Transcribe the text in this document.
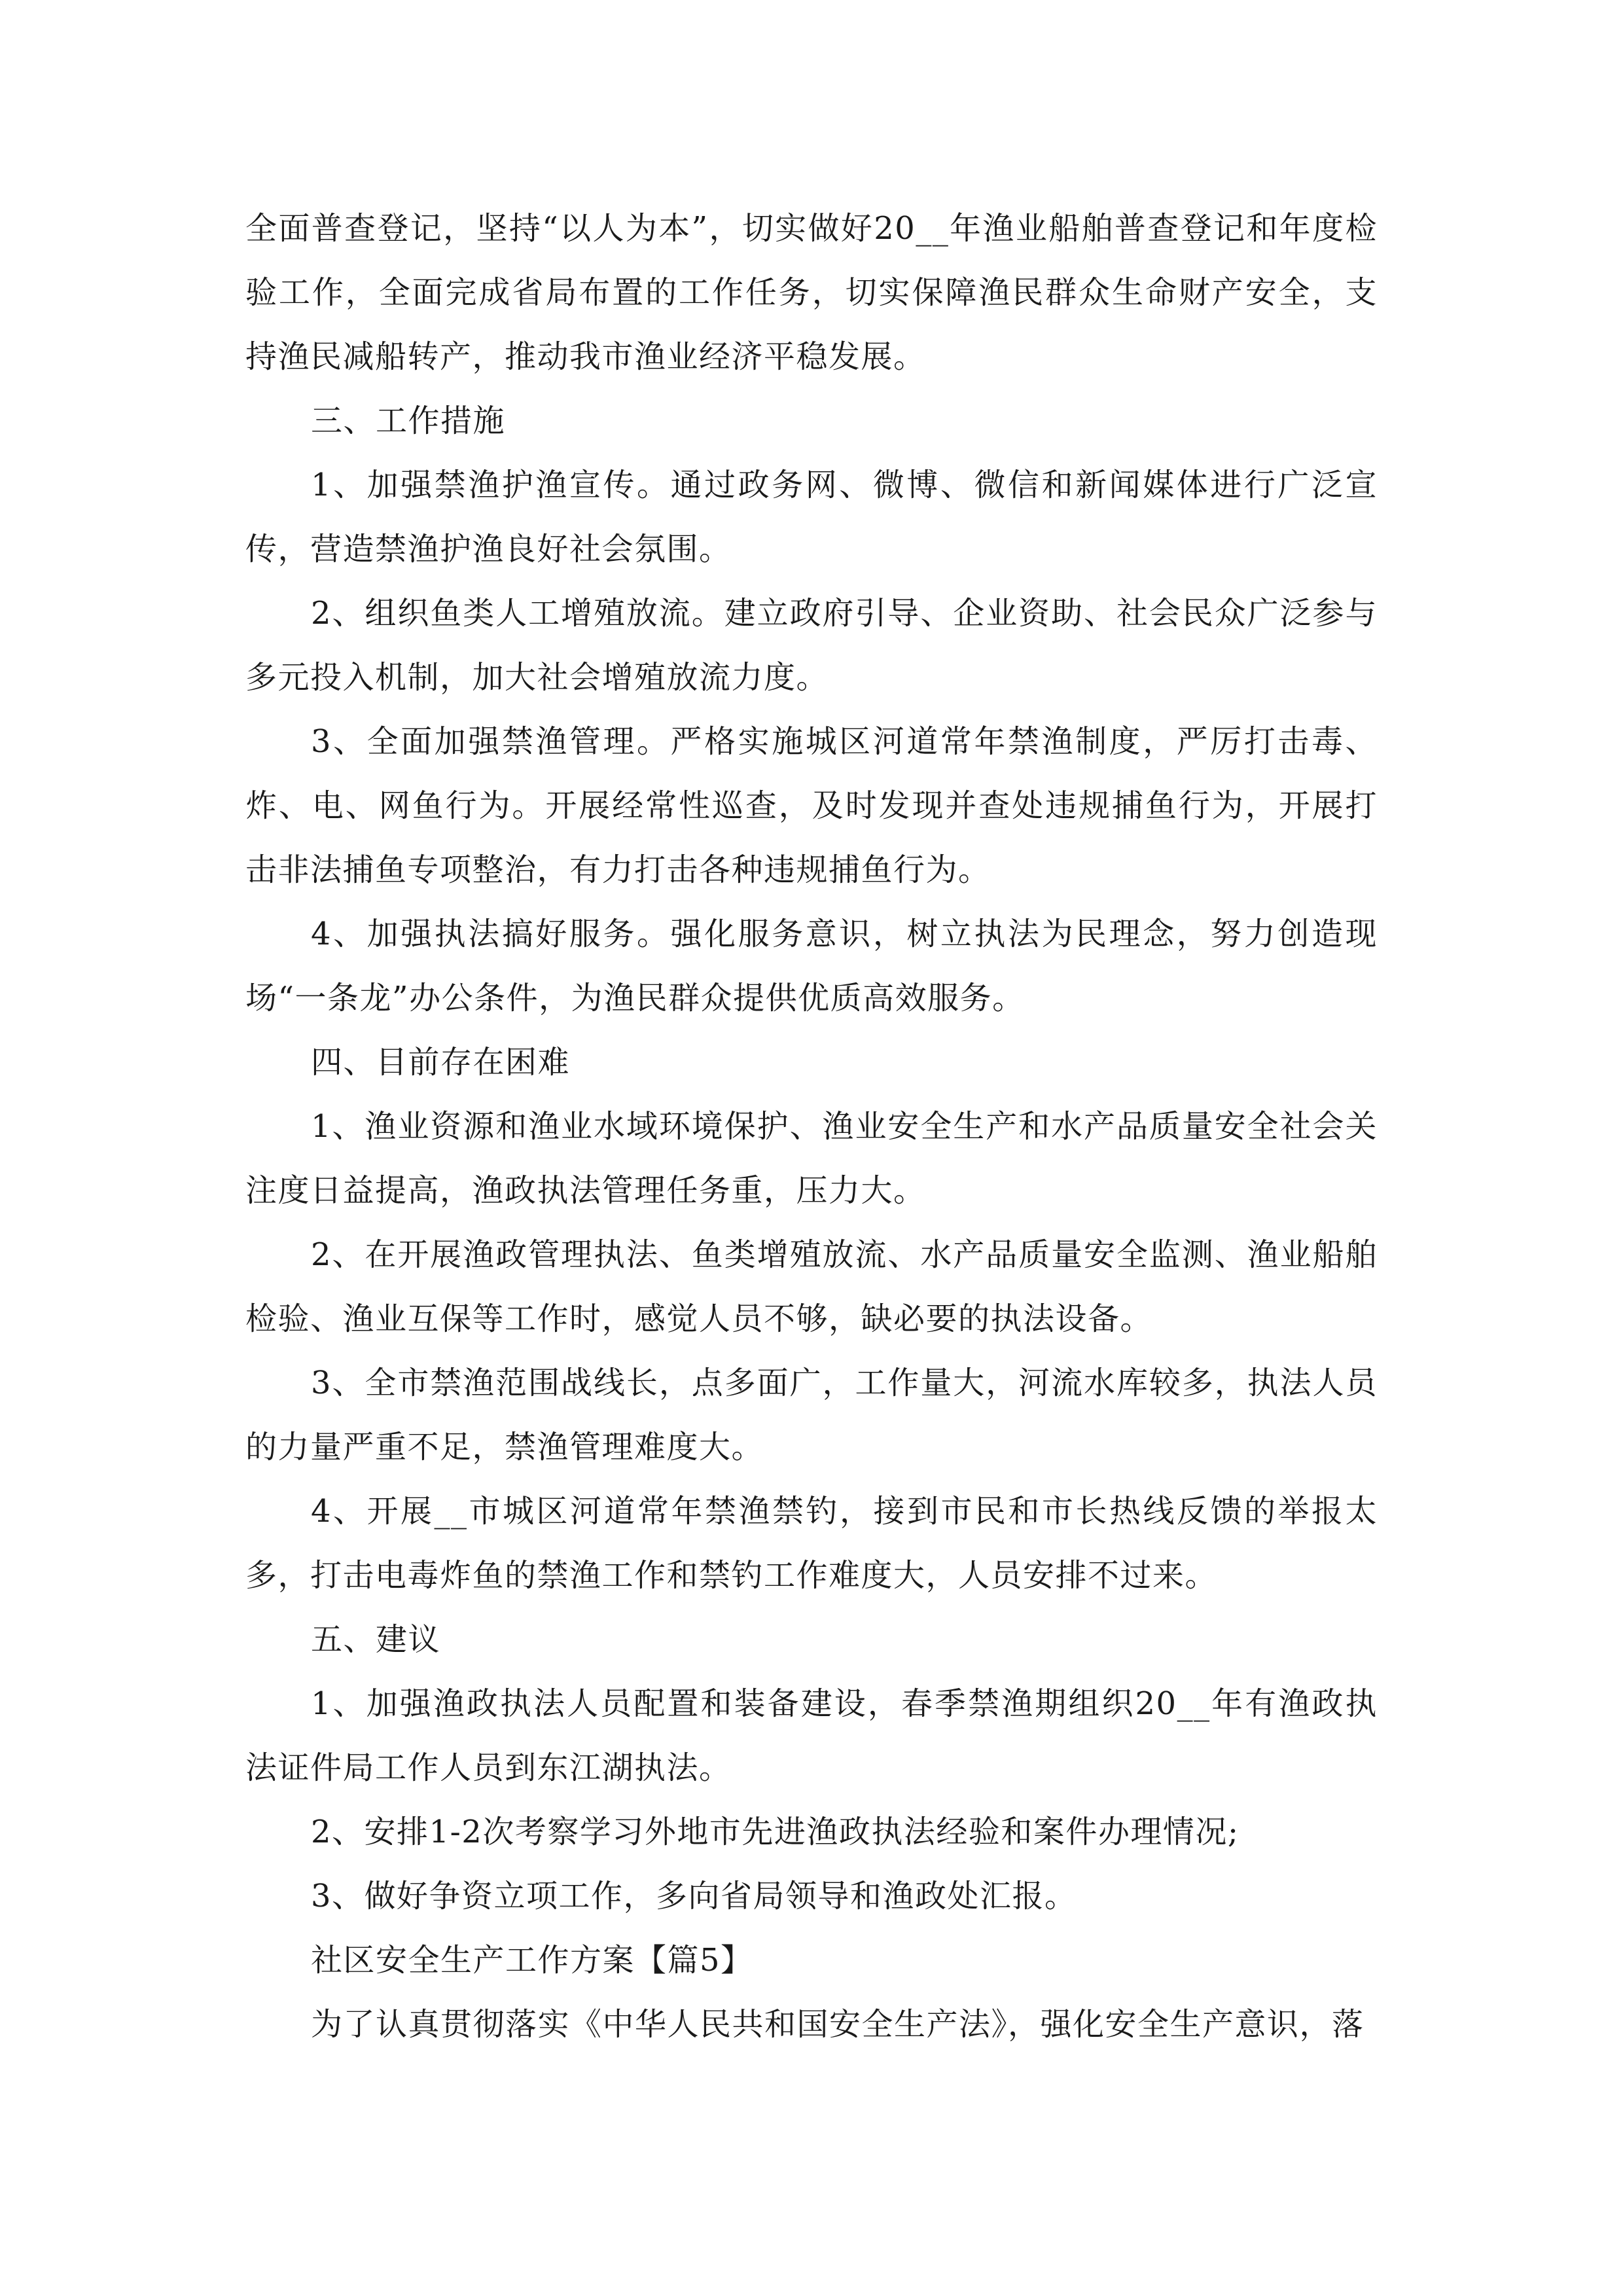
全面普查登记，坚持“以人为本”，切实做好20__年渔业船舶普查登记和年度检验工作，全面完成省局布置的工作任务，切实保障渔民群众生命财产安全，支持渔民减船转产，推动我市渔业经济平稳发展。

三、工作措施

1、加强禁渔护渔宣传。通过政务网、微博、微信和新闻媒体进行广泛宣传，营造禁渔护渔良好社会氛围。

2、组织鱼类人工增殖放流。建立政府引导、企业资助、社会民众广泛参与多元投入机制，加大社会增殖放流力度。

3、全面加强禁渔管理。严格实施城区河道常年禁渔制度，严厉打击毒、炸、电、网鱼行为。开展经常性巡查，及时发现并查处违规捕鱼行为，开展打击非法捕鱼专项整治，有力打击各种违规捕鱼行为。

4、加强执法搞好服务。强化服务意识，树立执法为民理念，努力创造现场“一条龙”办公条件，为渔民群众提供优质高效服务。

四、目前存在困难

1、渔业资源和渔业水域环境保护、渔业安全生产和水产品质量安全社会关注度日益提高，渔政执法管理任务重，压力大。

2、在开展渔政管理执法、鱼类增殖放流、水产品质量安全监测、渔业船舶检验、渔业互保等工作时，感觉人员不够，缺必要的执法设备。

3、全市禁渔范围战线长，点多面广，工作量大，河流水库较多，执法人员的力量严重不足，禁渔管理难度大。

4、开展__市城区河道常年禁渔禁钓，接到市民和市长热线反馈的举报太多，打击电毒炸鱼的禁渔工作和禁钓工作难度大，人员安排不过来。

五、建议

1、加强渔政执法人员配置和装备建设，春季禁渔期组织20__年有渔政执法证件局工作人员到东江湖执法。

2、安排1-2次考察学习外地市先进渔政执法经验和案件办理情况;

3、做好争资立项工作，多向省局领导和渔政处汇报。

社区安全生产工作方案【篇5】

为了认真贯彻落实《中华人民共和国安全生产法》，强化安全生产意识，落
